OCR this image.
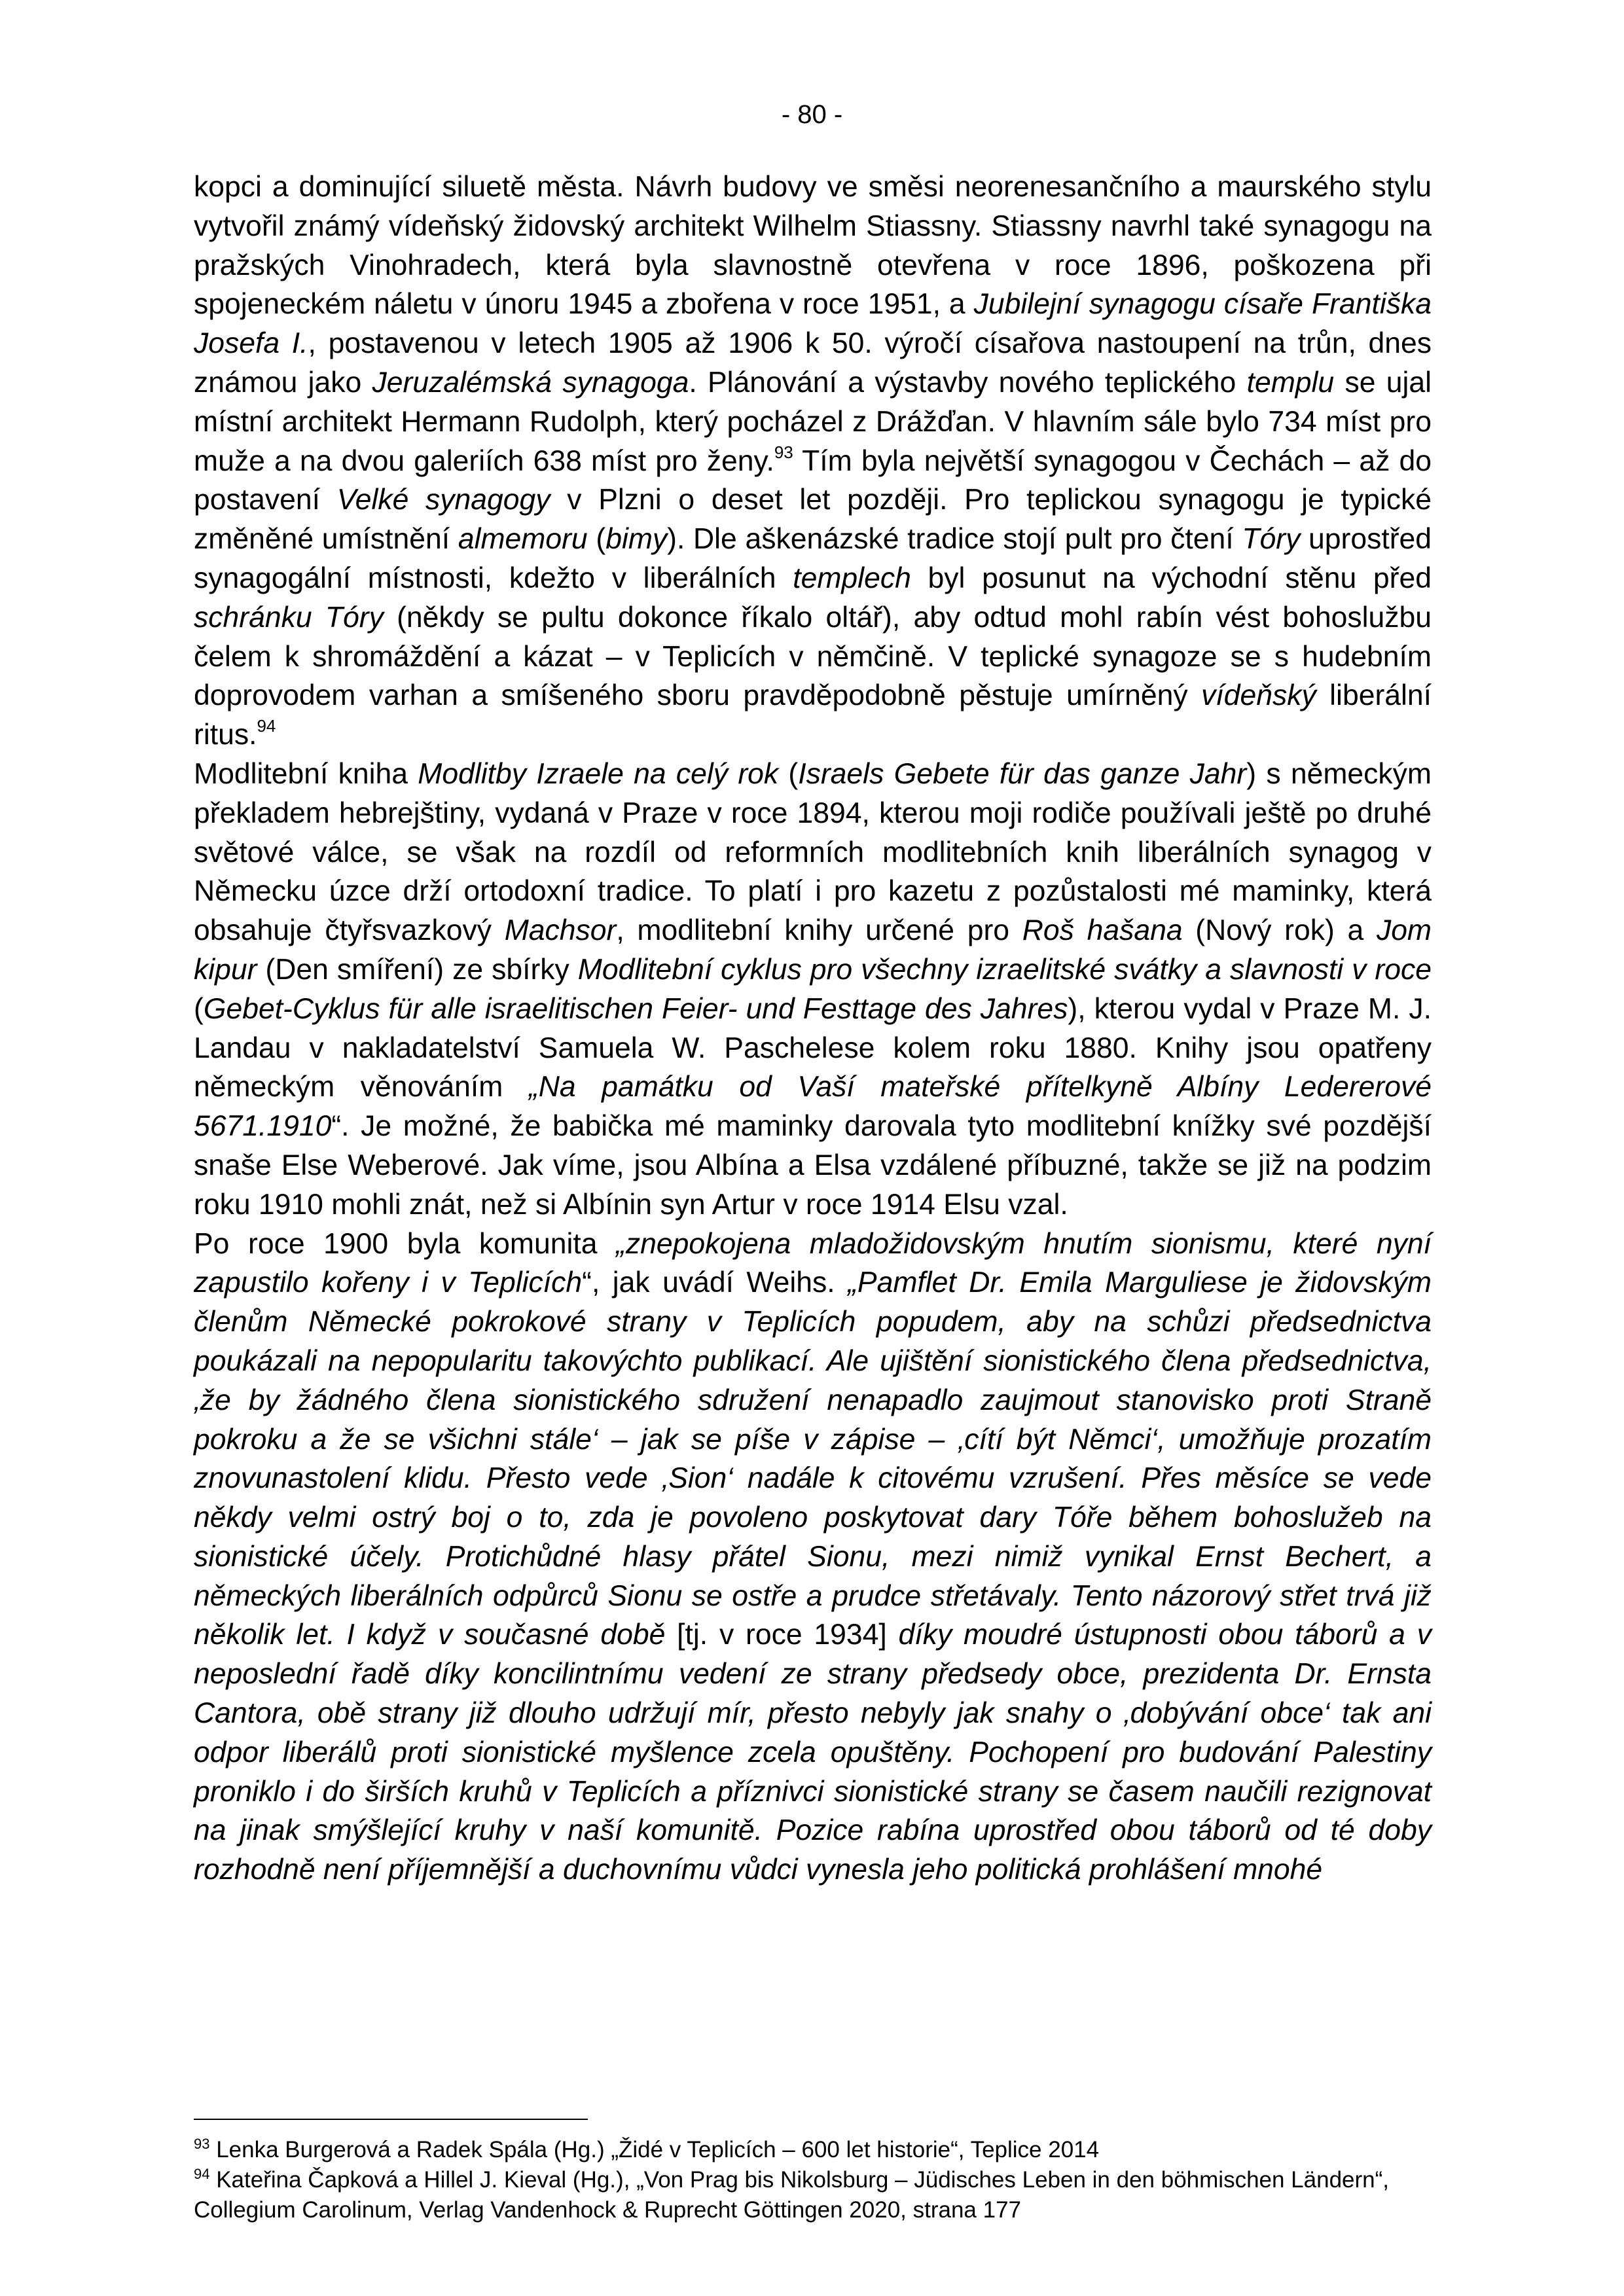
- 80 -

kopci a dominující siluetě města. Návrh budovy ve směsi neorenesančního a maurského stylu vytvořil známý vídeňský židovský architekt Wilhelm Stiassny. Stiassny navrhl také synagogu na pražských Vinohradech, která byla slavnostně otevřena v roce 1896, poškozena při spojeneckém náletu v únoru 1945 a zbořena v roce 1951, a Jubilejní synagogu císaře Františka Josefa I., postavenou v letech 1905 až 1906 k 50. výročí císařova nastoupení na trůn, dnes známou jako Jeruzalémská synagoga. Plánování a výstavby nového teplického templu se ujal místní architekt Hermann Rudolph, který pocházel z Drážďan. V hlavním sále bylo 734 míst pro muže a na dvou galeriích 638 míst pro ženy.$^{93}$ Tím byla největší synagogou v Čechách – až do postavení Velké synagogy v Plzni o deset let později. Pro teplickou synagogu je typické změněné umístnění almemoru (bimy). Dle aškenázské tradice stojí pult pro čtení Tóry uprostřed synagogální místnosti, kdežto v liberálních templech byl posunut na východní stěnu před schránku Tóry (někdy se pultu dokonce říkalo oltář), aby odtud mohl rabín vést bohoslužbu čelem k shromáždění a kázat – v Teplicích v němčině. V teplické synagoze se s hudebním doprovodem varhan a smíšeného sboru pravděpodobně pěstuje umírněný vídeňský liberální ritus.$^{94}$

Modlitební kniha Modlitby Izraele na celý rok (Israels Gebete für das ganze Jahr) s německým překladem hebrejštiny, vydaná v Praze v roce 1894, kterou moji rodiče používali ještě po druhé světové válce, se však na rozdíl od reformních modlitebních knih liberálních synagog v Německu úzce drží ortodoxní tradice. To platí i pro kazetu z pozůstalosti mé maminky, která obsahuje čtyřsvazkový Machsor, modlitební knihy určené pro Roš hašana (Nový rok) a Jom kipur (Den smíření) ze sbírky Modlitební cyklus pro všechny izraelitské svátky a slavnosti v roce (Gebet-Cyklus für alle israelitischen Feier- und Festtage des Jahres), kterou vydal v Praze M. J. Landau v nakladatelství Samuela W. Paschelese kolem roku 1880. Knihy jsou opatřeny německým věnováním „Na památku od Vaší mateřské přítelkyně Albíny Ledererové 5671.1910“. Je možné, že babička mé maminky darovala tyto modlitební knížky své pozdější snaše Else Weberové. Jak víme, jsou Albína a Elsa vzdálené příbuzné, takže se již na podzim roku 1910 mohli znát, než si Albínin syn Artur v roce 1914 Elsu vzal.

Po roce 1900 byla komunita „znepokojena mladožidovským hnutím sionismu, které nyní zapustilo kořeny i v Teplicích“, jak uvádí Weihs. „Pamflet Dr. Emila Marguliese je židovským členům Německé pokrokové strany v Teplicích popudem, aby na schůzi předsednictva poukázali na nepopularitu takovýchto publikací. Ale ujištění sionistického člena předsednictva, ‚že by žádného člena sionistického sdružení nenapadlo zaujmout stanovisko proti Straně pokroku a že se všichni stále‘ – jak se píše v zápise – ‚cítí být Němci‘, umožňuje prozatím znovunastolení klidu. Přesto vede ‚Sion‘ nadále k citovému vzrušení. Přes měsíce se vede někdy velmi ostrý boj o to, zda je povoleno poskytovat dary Tóře během bohoslužeb na sionistické účely. Protichůdné hlasy přátel Sionu, mezi nimiž vynikal Ernst Bechert, a německých liberálních odpůrců Sionu se ostře a prudce střetávaly. Tento názorový střet trvá již několik let. I když v současné době [tj. v roce 1934] díky moudré ústupnosti obou táborů a v neposlední řadě díky koncilintnímu vedení ze strany předsedy obce, prezidenta Dr. Ernsta Cantora, obě strany již dlouho udržují mír, přesto nebyly jak snahy o ‚dobývání obce‘ tak ani odpor liberálů proti sionistické myšlence zcela opuštěny. Pochopení pro budování Palestiny proniklo i do širších kruhů v Teplicích a příznivci sionistické strany se časem naučili rezignovat na jinak smýšlející kruhy v naší komunitě. Pozice rabína uprostřed obou táborů od té doby rozhodně není příjemnější a duchovnímu vůdci vynesla jeho politická prohlášení mnohé

$^{93}$ Lenka Burgerová a Radek Spála (Hg.) „Židé v Teplicích – 600 let historie“, Teplice 2014

$^{94}$ Kateřina Čapková a Hillel J. Kieval (Hg.), „Von Prag bis Nikolsburg – Jüdisches Leben in den böhmischen Ländern“, Collegium Carolinum, Verlag Vandenhock & Ruprecht Göttingen 2020, strana 177
